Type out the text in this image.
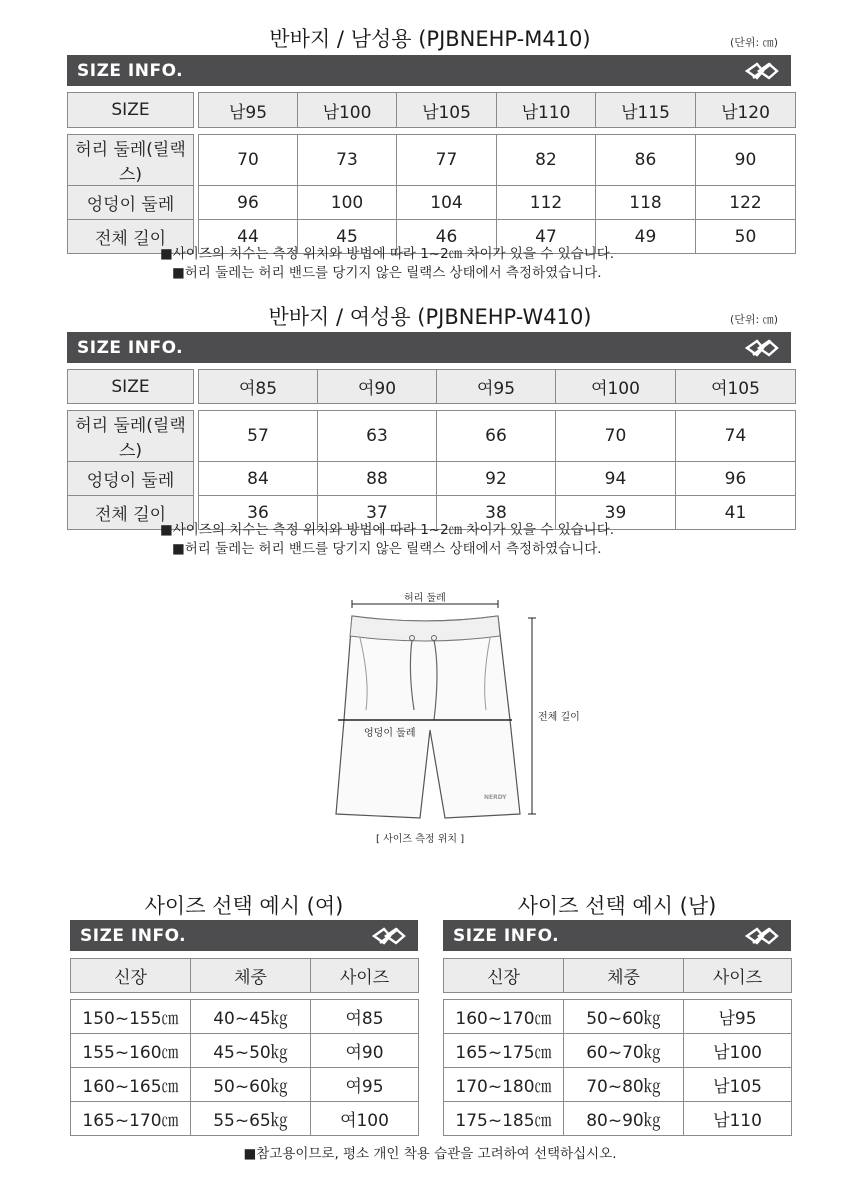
반바지 / 남성용 (PJBNEHP-M410)	(단위: ㎝)
SIZE INFO.
SIZE		남95	남100	남105	남110	남115	남120

허리 둘레(릴랙스)		70	73	77	82	86	90
엉덩이 둘레		96	100	104	112	118	122
전체 길이		44	45	46	47	49	50
■사이즈의 치수는 측정 위치와 방법에 따라 1~2㎝ 차이가 있을 수 있습니다.
■허리 둘레는 허리 밴드를 당기지 않은 릴랙스 상태에서 측정하였습니다.
반바지 / 여성용 (PJBNEHP-W410)	(단위: ㎝)
SIZE INFO.
SIZE		여85	여90	여95	여100	여105

허리 둘레(릴랙스)		57	63	66	70	74
엉덩이 둘레		84	88	92	94	96
전체 길이		36	37	38	39	41
■사이즈의 치수는 측정 위치와 방법에 따라 1~2㎝ 차이가 있을 수 있습니다.
■허리 둘레는 허리 밴드를 당기지 않은 릴랙스 상태에서 측정하였습니다.
허리 둘레
엉덩이 둘레
전체 길이
NERDY
[ 사이즈 측정 위치 ]
사이즈 선택 예시 (여)
SIZE INFO.
신장	체중	사이즈

150~155㎝	40~45㎏	여85
155~160㎝	45~50㎏	여90
160~165㎝	50~60㎏	여95
165~170㎝	55~65㎏	여100
사이즈 선택 예시 (남)
SIZE INFO.
신장	체중	사이즈

160~170㎝	50~60㎏	남95
165~175㎝	60~70㎏	남100
170~180㎝	70~80㎏	남105
175~185㎝	80~90㎏	남110
■참고용이므로, 평소 개인 착용 습관을 고려하여 선택하십시오.
